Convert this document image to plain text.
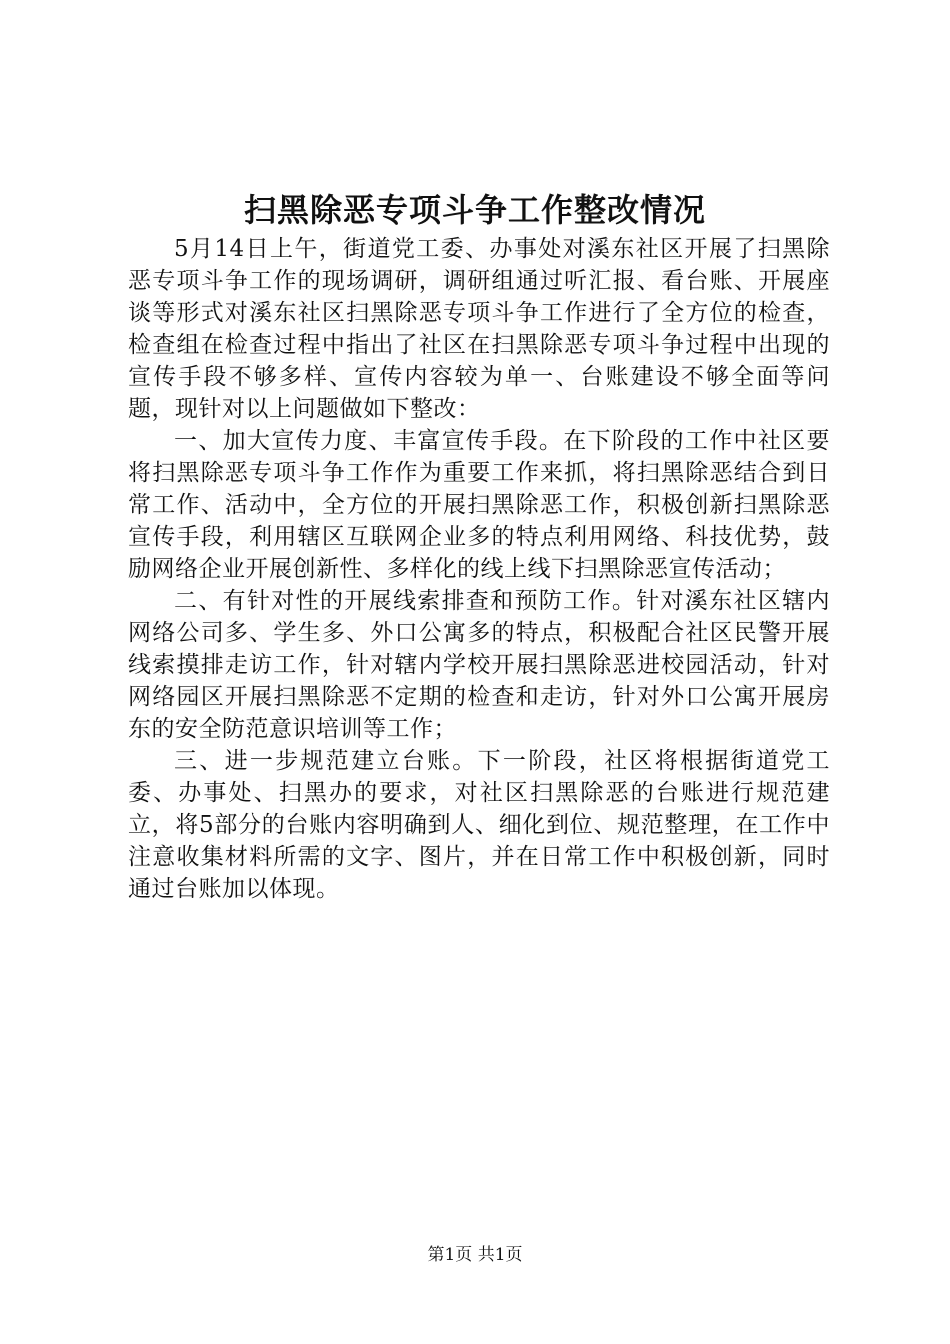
扫黑除恶专项斗争工作整改情况

5月14日上午，街道党工委、办事处对溪东社区开展了扫黑除恶专项斗争工作的现场调研，调研组通过听汇报、看台账、开展座谈等形式对溪东社区扫黑除恶专项斗争工作进行了全方位的检查，检查组在检查过程中指出了社区在扫黑除恶专项斗争过程中出现的宣传手段不够多样、宣传内容较为单一、台账建设不够全面等问题，现针对以上问题做如下整改：

一、加大宣传力度、丰富宣传手段。在下阶段的工作中社区要将扫黑除恶专项斗争工作作为重要工作来抓，将扫黑除恶结合到日常工作、活动中，全方位的开展扫黑除恶工作，积极创新扫黑除恶宣传手段，利用辖区互联网企业多的特点利用网络、科技优势，鼓励网络企业开展创新性、多样化的线上线下扫黑除恶宣传活动；

二、有针对性的开展线索排查和预防工作。针对溪东社区辖内网络公司多、学生多、外口公寓多的特点，积极配合社区民警开展线索摸排走访工作，针对辖内学校开展扫黑除恶进校园活动，针对网络园区开展扫黑除恶不定期的检查和走访，针对外口公寓开展房东的安全防范意识培训等工作；

三、进一步规范建立台账。下一阶段，社区将根据街道党工委、办事处、扫黑办的要求，对社区扫黑除恶的台账进行规范建立，将5部分的台账内容明确到人、细化到位、规范整理，在工作中注意收集材料所需的文字、图片，并在日常工作中积极创新，同时通过台账加以体现。

第1页 共1页
